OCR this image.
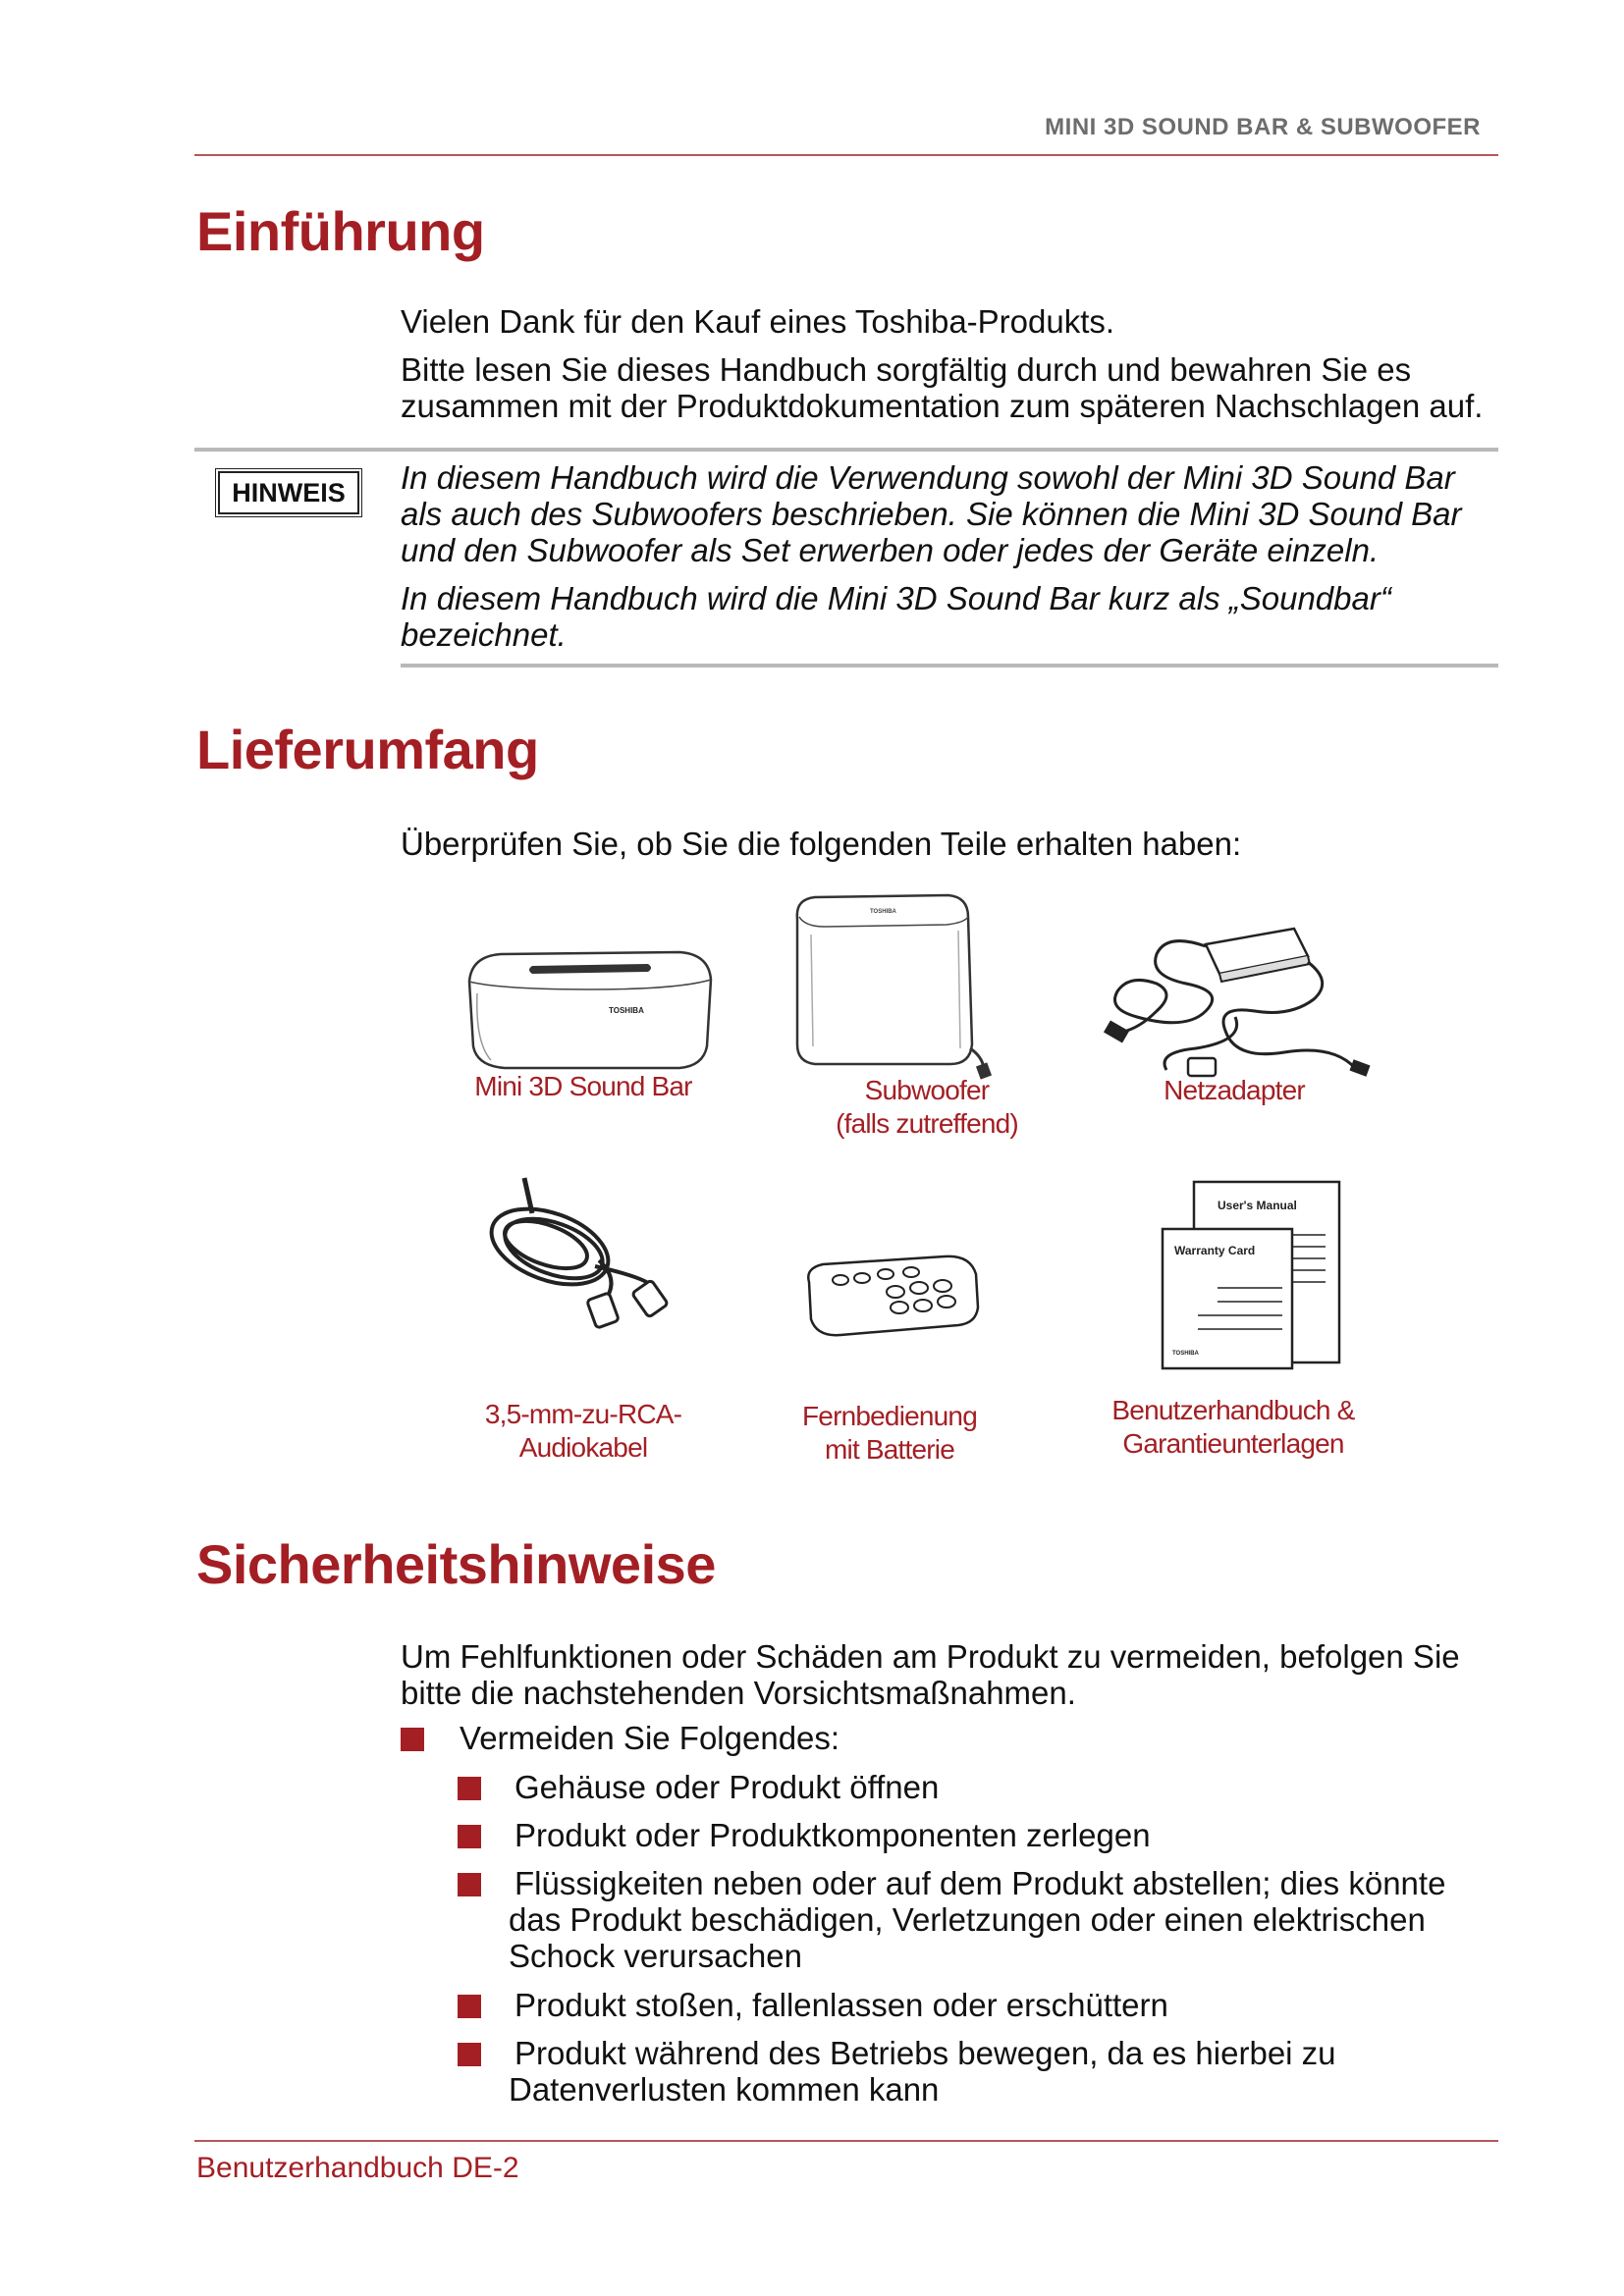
MINI 3D SOUND BAR & SUBWOOFER
Einführung

Vielen Dank für den Kauf eines Toshiba-Produkts.

Bitte lesen Sie dieses Handbuch sorgfältig durch und bewahren Sie es

zusammen mit der Produktdokumentation zum späteren Nachschlagen auf.

HINWEIS	In diesem Handbuch wird die Verwendung sowohl der Mini 3D Sound Bar

als auch des Subwoofers beschrieben. Sie können die Mini 3D Sound Bar

und den Subwoofer als Set erwerben oder jedes der Geräte einzeln.

In diesem Handbuch wird die Mini 3D Sound Bar kurz als „Soundbar“

bezeichnet.

Lieferumfang

Überprüfen Sie, ob Sie die folgenden Teile erhalten haben:

TOSHIBA
Mini 3D Sound Bar
TOSHIBA
Subwoofer
(falls zutreffend)
Netzadapter
3,5-mm-zu-RCA-
Audiokabel
Fernbedienung
mit Batterie
User's Manual
Warranty Card
TOSHIBA
Benutzerhandbuch &
Garantieunterlagen
Sicherheitshinweise

Um Fehlfunktionen oder Schäden am Produkt zu vermeiden, befolgen Sie

bitte die nachstehenden Vorsichtsmaßnahmen.

Vermeiden Sie Folgendes:

Gehäuse oder Produkt öffnen

Produkt oder Produktkomponenten zerlegen

Flüssigkeiten neben oder auf dem Produkt abstellen; dies könnte

das Produkt beschädigen, Verletzungen oder einen elektrischen

Schock verursachen

Produkt stoßen, fallenlassen oder erschüttern

Produkt während des Betriebs bewegen, da es hierbei zu

Datenverlusten kommen kann

Benutzerhandbuch DE-2
